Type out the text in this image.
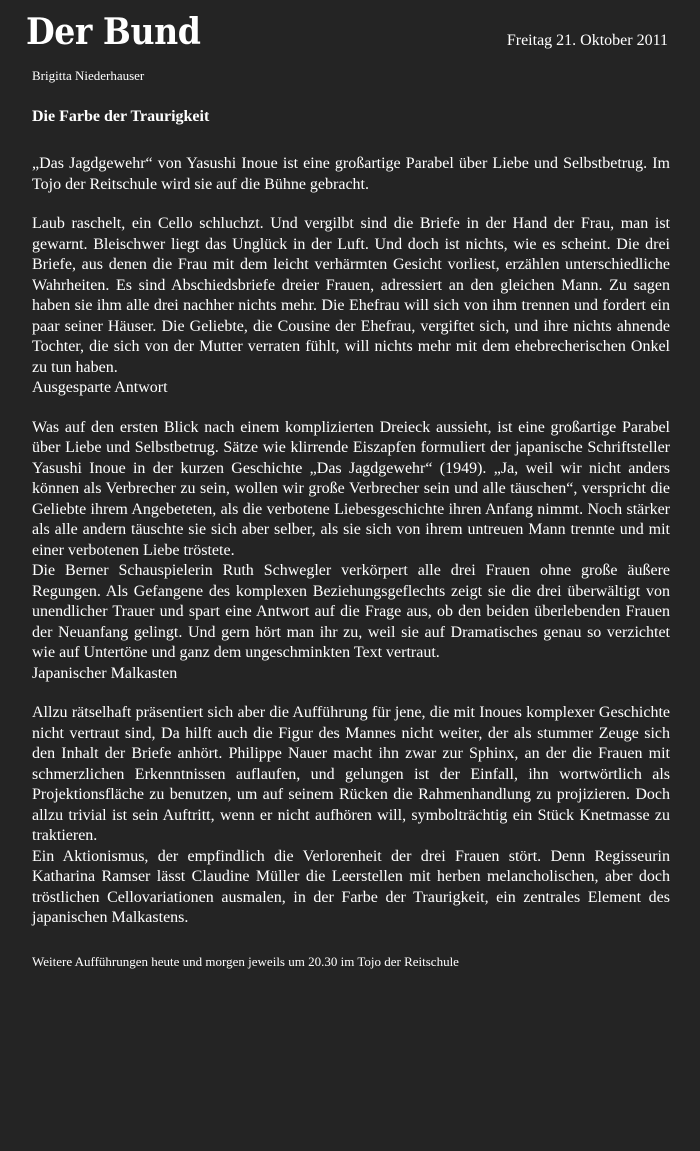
Der Bund	Freitag 21. Oktober 2011
Brigitta Niederhauser
Die Farbe der Traurigkeit

„Das Jagdgewehr“ von Yasushi Inoue ist eine großartige Parabel über Liebe und Selbstbetrug. Im Tojo der Reitschule wird sie auf die Bühne gebracht.

Laub raschelt, ein Cello schluchzt. Und vergilbt sind die Briefe in der Hand der Frau, man ist gewarnt. Bleischwer liegt das Unglück in der Luft. Und doch ist nichts, wie es scheint. Die drei Briefe, aus denen die Frau mit dem leicht verhärmten Gesicht vorliest, erzählen unterschiedliche Wahrheiten. Es sind Abschiedsbriefe dreier Frauen, adressiert an den gleichen Mann. Zu sagen haben sie ihm alle drei nachher nichts mehr. Die Ehefrau will sich von ihm trennen und fordert ein paar seiner Häuser. Die Geliebte, die Cousine der Ehefrau, vergiftet sich, und ihre nichts ahnende Tochter, die sich von der Mutter verraten fühlt, will nichts mehr mit dem ehebrecherischen Onkel zu tun haben.

Ausgesparte Antwort

Was auf den ersten Blick nach einem komplizierten Dreieck aussieht, ist eine großartige Parabel über Liebe und Selbstbetrug. Sätze wie klirrende Eiszapfen formuliert der japanische Schriftsteller Yasushi Inoue in der kurzen Geschichte „Das Jagdgewehr“ (1949). „Ja, weil wir nicht anders können als Verbrecher zu sein, wollen wir große Verbrecher sein und alle täuschen“, verspricht die Geliebte ihrem Angebeteten, als die verbotene Liebesgeschichte ihren Anfang nimmt. Noch stärker als alle andern täuschte sie sich aber selber, als sie sich von ihrem untreuen Mann trennte und mit einer verbotenen Liebe tröstete.

Die Berner Schauspielerin Ruth Schwegler verkörpert alle drei Frauen ohne große äußere Regungen. Als Gefangene des komplexen Beziehungsgeflechts zeigt sie die drei überwältigt von unendlicher Trauer und spart eine Antwort auf die Frage aus, ob den beiden überlebenden Frauen der Neuanfang gelingt. Und gern hört man ihr zu, weil sie auf Dramatisches genau so verzichtet wie auf Untertöne und ganz dem ungeschminkten Text vertraut.

Japanischer Malkasten

Allzu rätselhaft präsentiert sich aber die Aufführung für jene, die mit Inoues komplexer Geschichte nicht vertraut sind, Da hilft auch die Figur des Mannes nicht weiter, der als stummer Zeuge sich den Inhalt der Briefe anhört. Philippe Nauer macht ihn zwar zur Sphinx, an der die Frauen mit schmerzlichen Erkenntnissen auflaufen, und gelungen ist der Einfall, ihn wortwörtlich als Projektionsfläche zu benutzen, um auf seinem Rücken die Rahmenhandlung zu projizieren. Doch allzu trivial ist sein Auftritt, wenn er nicht aufhören will, symbolträchtig ein Stück Knetmasse zu traktieren.

Ein Aktionismus, der empfindlich die Verlorenheit der drei Frauen stört. Denn Regisseurin Katharina Ramser lässt Claudine Müller die Leerstellen mit herben melancholischen, aber doch tröstlichen Cellovariationen ausmalen, in der Farbe der Traurigkeit, ein zentrales Element des japanischen Malkastens.

Weitere Aufführungen heute und morgen jeweils um 20.30 im Tojo der Reitschule
